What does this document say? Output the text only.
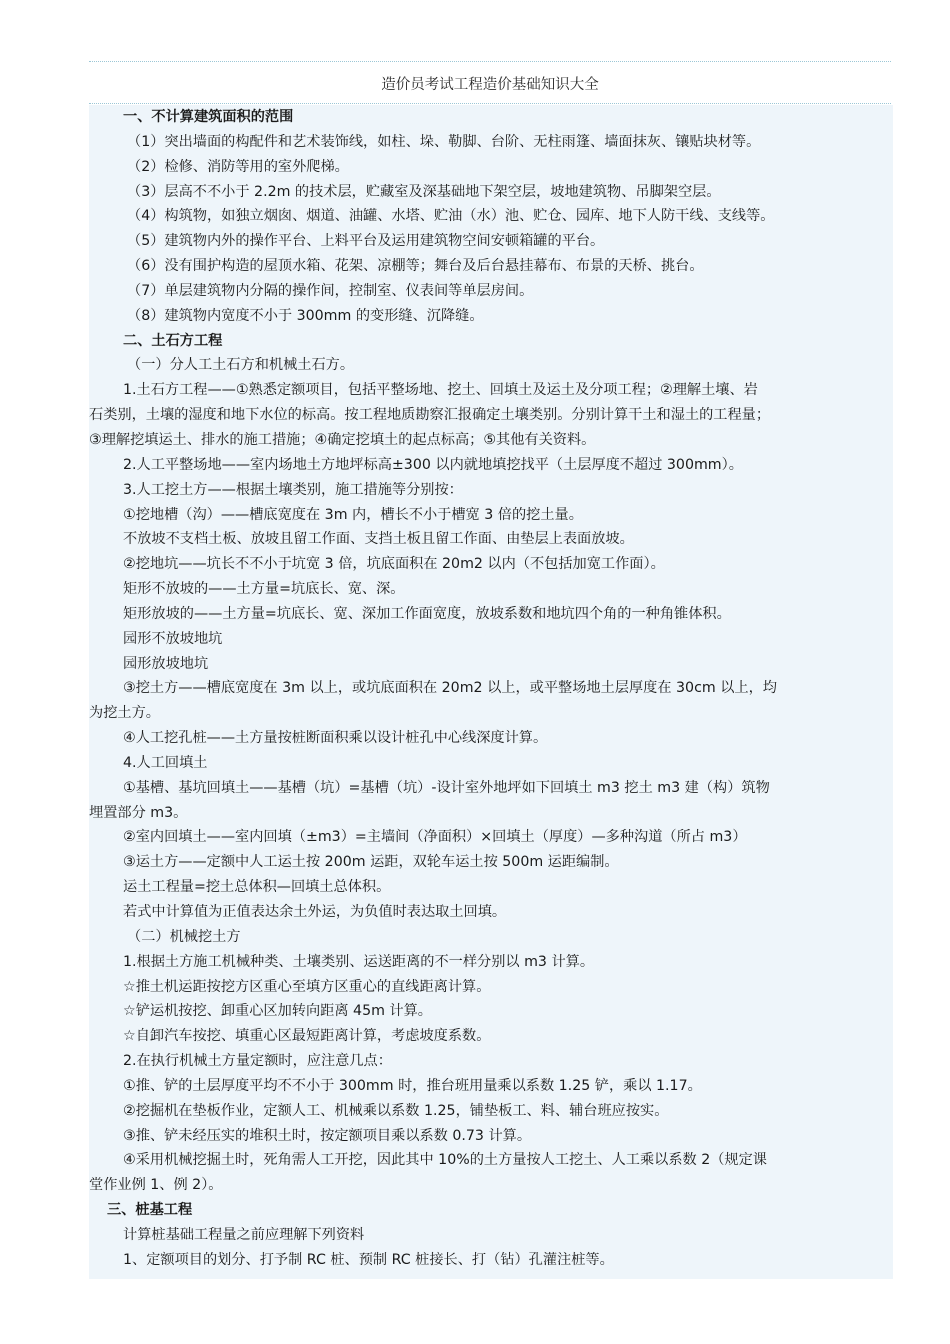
造价员考试工程造价基础知识大全
一、不计算建筑面积的范围
（1）突出墙面的构配件和艺术装饰线，如柱、垛、勒脚、台阶、无柱雨篷、墙面抹灰、镶贴块材等。
（2）检修、消防等用的室外爬梯。
（3）层高不不小于 2.2m 的技术层，贮藏室及深基础地下架空层，坡地建筑物、吊脚架空层。
（4）构筑物，如独立烟囱、烟道、油罐、水塔、贮油（水）池、贮仓、园库、地下人防干线、支线等。
（5）建筑物内外的操作平台、上料平台及运用建筑物空间安顿箱罐的平台。
（6）没有围护构造的屋顶水箱、花架、凉棚等；舞台及后台悬挂幕布、布景的天桥、挑台。
（7）单层建筑物内分隔的操作间，控制室、仪表间等单层房间。
（8）建筑物内宽度不小于 300mm 的变形缝、沉降缝。
二、土石方工程
（一）分人工土石方和机械土石方。
1.土石方工程——①熟悉定额项目，包括平整场地、挖土、回填土及运土及分项工程；②理解土壤、岩
石类别，土壤的湿度和地下水位的标高。按工程地质勘察汇报确定土壤类别。分别计算干土和湿土的工程量；
③理解挖填运土、排水的施工措施；④确定挖填土的起点标高；⑤其他有关资料。
2.人工平整场地——室内场地土方地坪标高±300 以内就地填挖找平（土层厚度不超过 300mm）。
3.人工挖土方——根据土壤类别，施工措施等分别按：
①挖地槽（沟）——槽底宽度在 3m 内，槽长不小于槽宽 3 倍的挖土量。
不放坡不支档土板、放坡且留工作面、支挡土板且留工作面、由垫层上表面放坡。
②挖地坑——坑长不不小于坑宽 3 倍，坑底面积在 20m2 以内（不包括加宽工作面）。
矩形不放坡的——土方量=坑底长、宽、深。
矩形放坡的——土方量=坑底长、宽、深加工作面宽度，放坡系数和地坑四个角的一种角锥体积。
园形不放坡地坑
园形放坡地坑
③挖土方——槽底宽度在 3m 以上，或坑底面积在 20m2 以上，或平整场地土层厚度在 30cm 以上，均
为挖土方。
④人工挖孔桩——土方量按桩断面积乘以设计桩孔中心线深度计算。
4.人工回填土
①基槽、基坑回填土——基槽（坑）=基槽（坑）-设计室外地坪如下回填土 m3 挖土 m3 建（构）筑物
埋置部分 m3。
②室内回填土——室内回填（±m3）=主墙间（净面积）×回填土（厚度）—多种沟道（所占 m3）
③运土方——定额中人工运土按 200m 运距，双轮车运土按 500m 运距编制。
运土工程量=挖土总体积—回填土总体积。
若式中计算值为正值表达余土外运，为负值时表达取土回填。
（二）机械挖土方
1.根据土方施工机械种类、土壤类别、运送距离的不一样分别以 m3 计算。
☆推土机运距按挖方区重心至填方区重心的直线距离计算。
☆铲运机按挖、卸重心区加转向距离 45m 计算。
☆自卸汽车按挖、填重心区最短距离计算，考虑坡度系数。
2.在执行机械土方量定额时，应注意几点：
①推、铲的土层厚度平均不不小于 300mm 时，推台班用量乘以系数 1.25 铲，乘以 1.17。
②挖掘机在垫板作业，定额人工、机械乘以系数 1.25，铺垫板工、料、辅台班应按实。
③推、铲未经压实的堆积土时，按定额项目乘以系数 0.73 计算。
④采用机械挖掘土时，死角需人工开挖，因此其中 10%的土方量按人工挖土、人工乘以系数 2（规定课
堂作业例 1、例 2）。
三、桩基工程
计算桩基础工程量之前应理解下列资料
1、定额项目的划分、打予制 RC 桩、预制 RC 桩接长、打（钻）孔灌注桩等。
